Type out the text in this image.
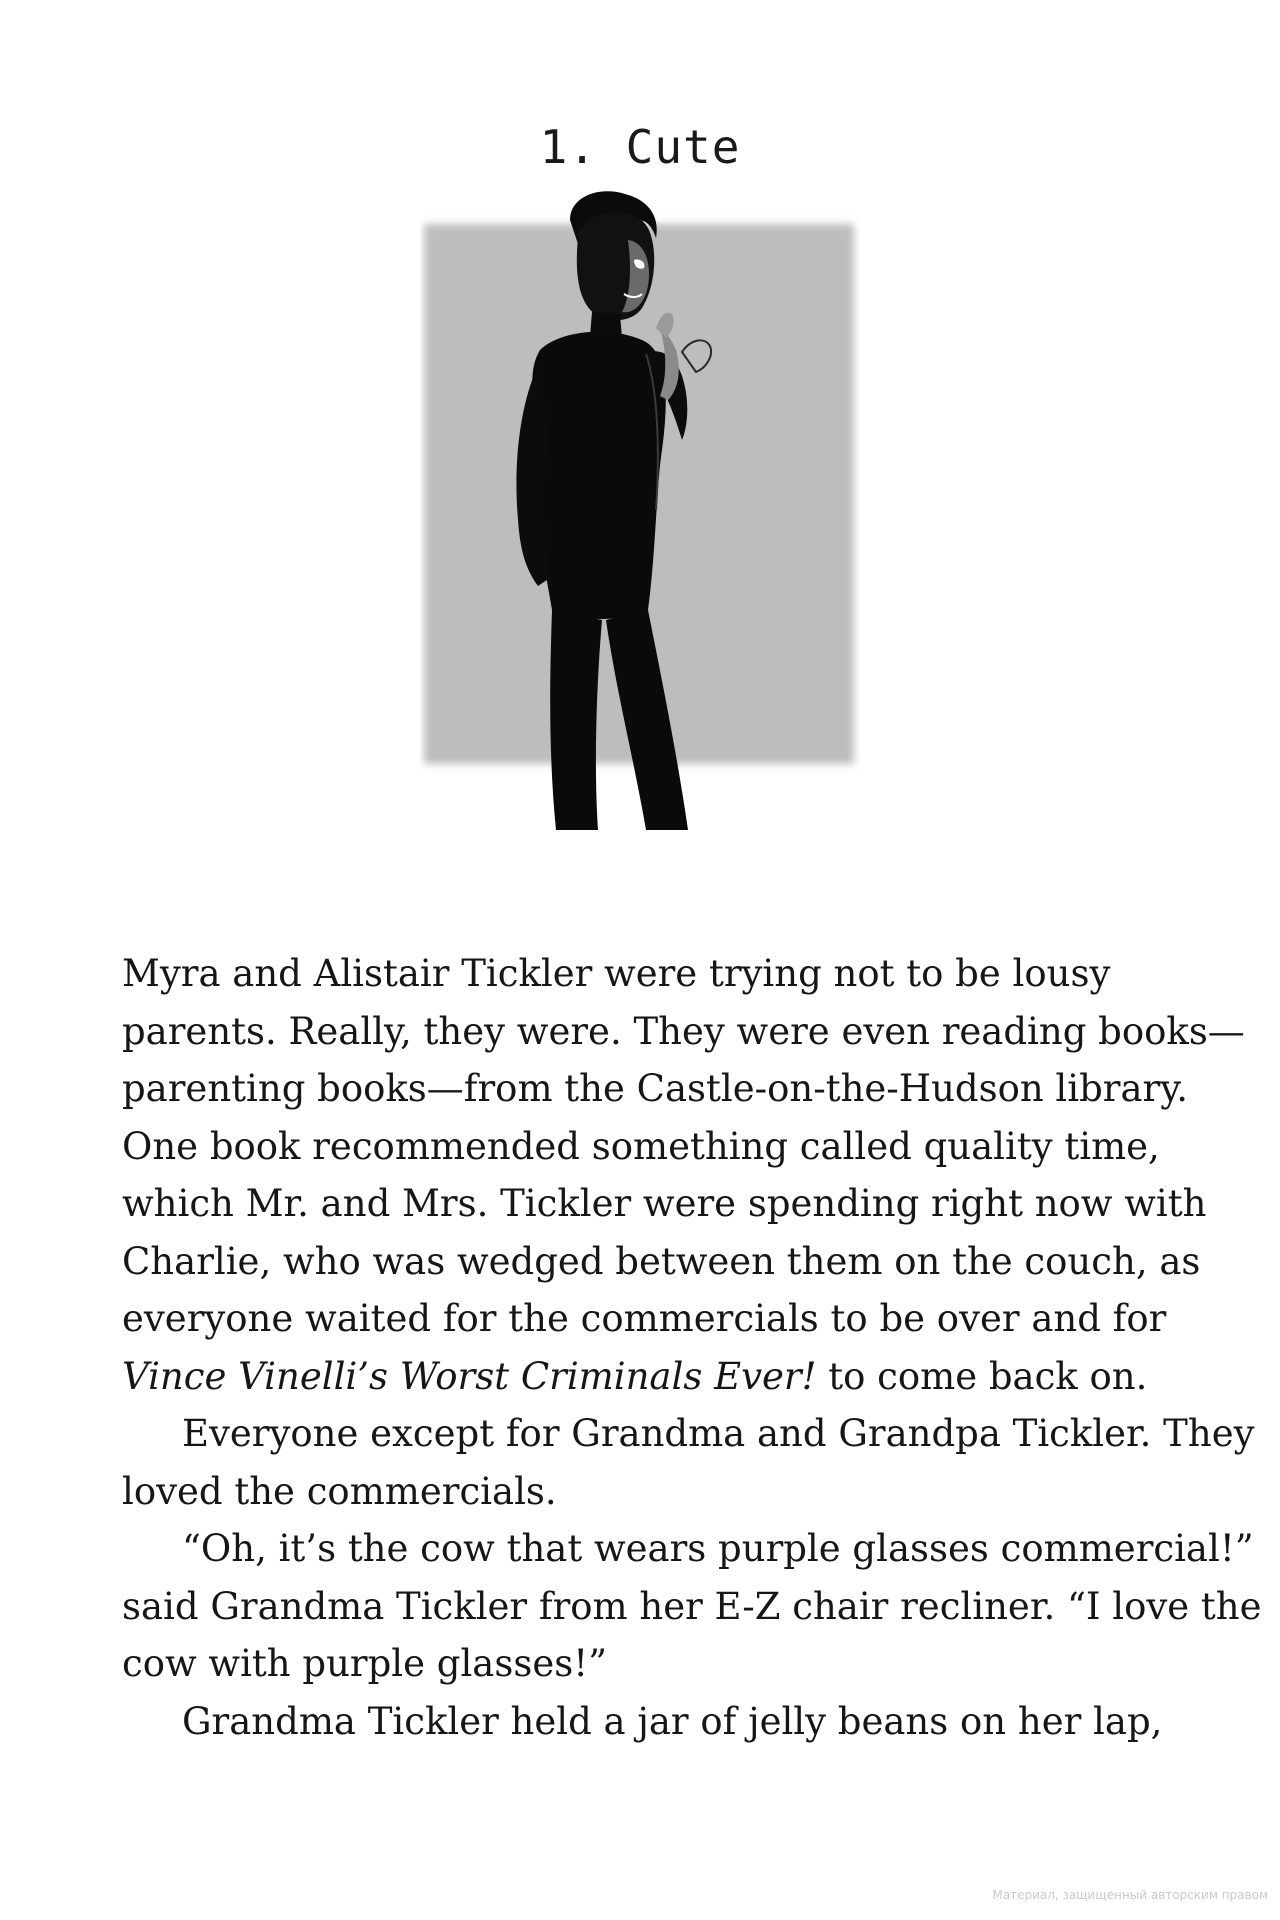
1. Cute

Myra and Alistair Tickler were trying not to be lousy
parents. Really, they were. They were even reading books—
parenting books—from the Castle-on-the-Hudson library.
One book recommended something called quality time,
which Mr. and Mrs. Tickler were spending right now with
Charlie, who was wedged between them on the couch, as
everyone waited for the commercials to be over and for
Vince Vinelli’s Worst Criminals Ever! to come back on.

Everyone except for Grandma and Grandpa Tickler. They
loved the commercials.

“Oh, it’s the cow that wears purple glasses commercial!”
said Grandma Tickler from her E-Z chair recliner. “I love the
cow with purple glasses!”

Grandma Tickler held a jar of jelly beans on her lap,

Материал, защищенный авторским правом
